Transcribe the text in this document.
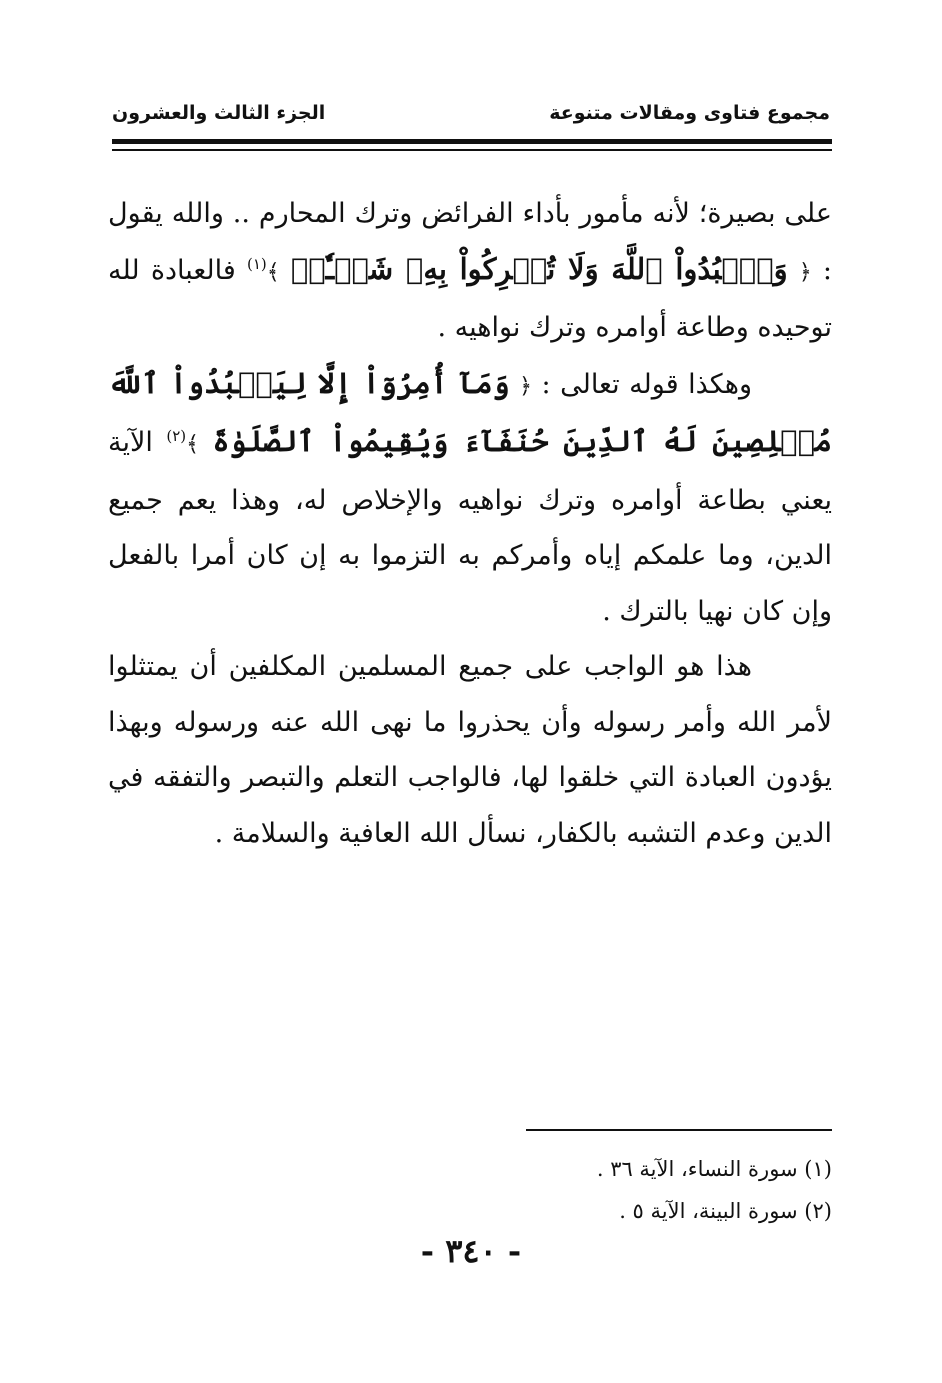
مجموع فتاوى ومقالات متنوعة
الجزء الثالث والعشرون

على بصيرة؛ لأنه مأمور بأداء الفرائض وترك المحارم .. والله يقول : ﴿ وَٱعۡبُدُواْ ٱللَّهَ وَلَا تُشۡرِكُواْ بِهِۦ شَيۡـٔٗاۖ ﴾$^{(١)}$ فالعبادة لله توحيده وطاعة أوامره وترك نواهيه .

وهكذا قوله تعالى : ﴿ وَمَآ أُمِرُوٓاْ إِلَّا لِيَعۡبُدُواْ ٱللَّهَ مُخۡلِصِينَ لَهُ ٱلدِّينَ حُنَفَآءَ وَيُقِيمُواْ ٱلصَّلَوٰةَ ﴾$^{(٢)}$ الآية يعني بطاعة أوامره وترك نواهيه والإخلاص له، وهذا يعم جميع الدين، وما علمكم إياه وأمركم به التزموا به إن كان أمرا بالفعل وإن كان نهيا بالترك .

هذا هو الواجب على جميع المسلمين المكلفين أن يمتثلوا لأمر الله وأمر رسوله وأن يحذروا ما نهى الله عنه ورسوله وبهذا يؤدون العبادة التي خلقوا لها، فالواجب التعلم والتبصر والتفقه في الدين وعدم التشبه بالكفار، نسأل الله العافية والسلامة .

(١) سورة النساء، الآية ٣٦ .
(٢) سورة البينة، الآية ٥ .
- ٣٤٠ -
